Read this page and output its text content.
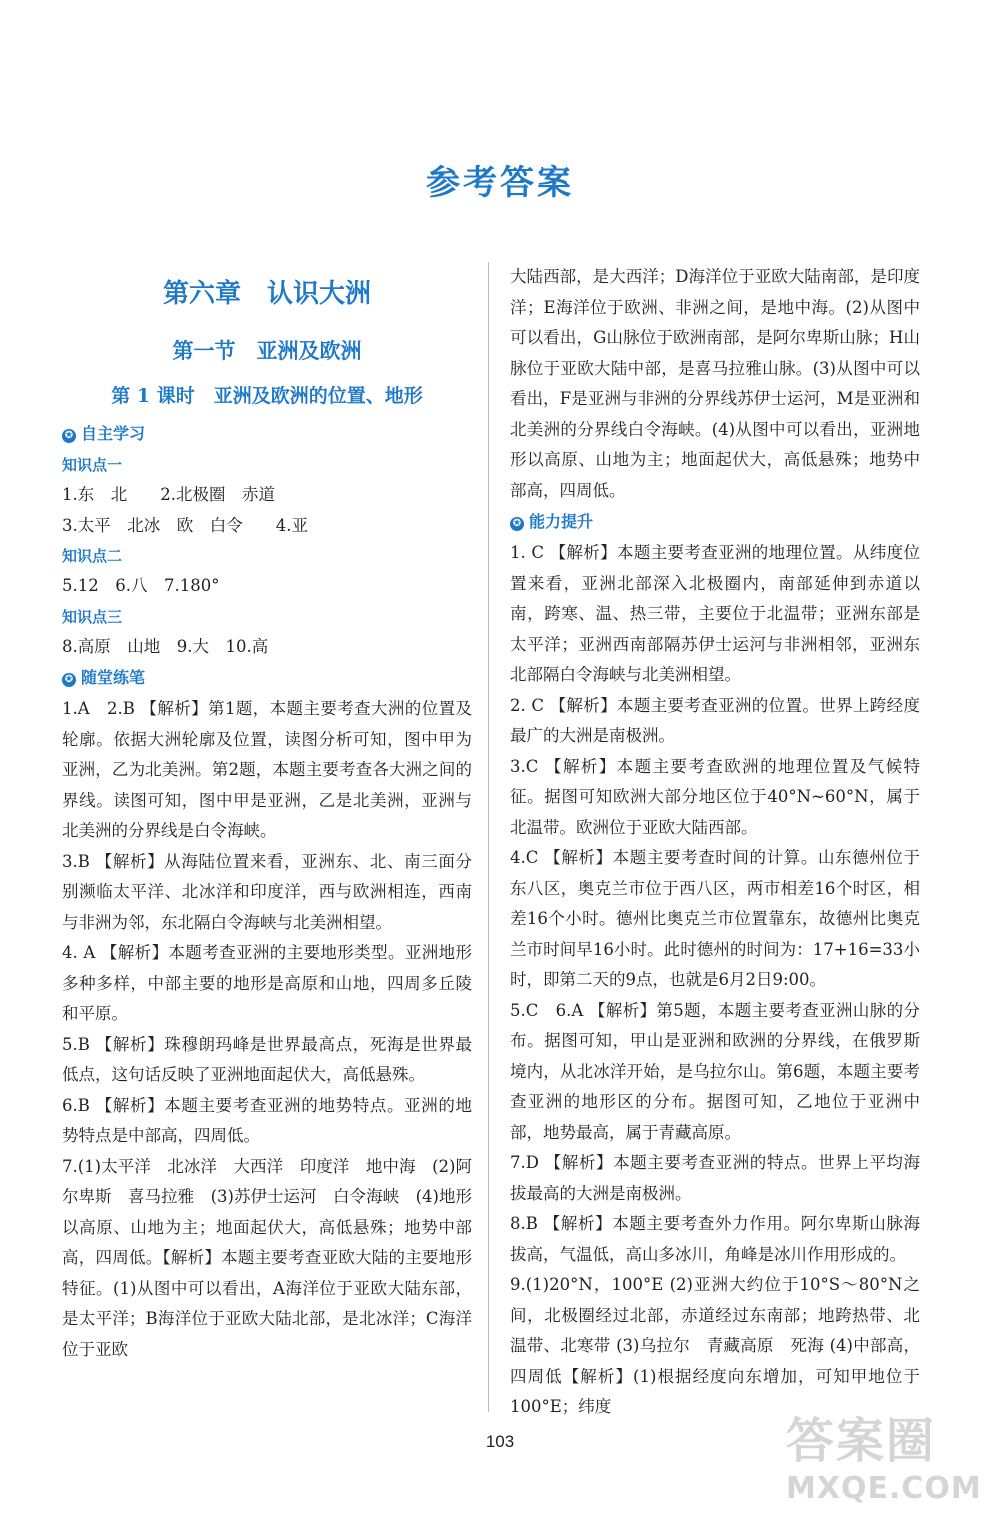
参考答案
第六章　认识大洲
第一节　亚洲及欧洲
第 1 课时　亚洲及欧洲的位置、地形
✪ 自主学习
知识点一

1.东　北　　2.北极圈　赤道

3.太平　北冰　欧　白令　　4.亚

知识点二

5.12　6.八　7.180°

知识点三

8.高原　山地　9.大　10.高

✪ 随堂练笔

1.A　2.B 【解析】第1题，本题主要考查大洲的位置及轮廓。依据大洲轮廓及位置，读图分析可知，图中甲为亚洲，乙为北美洲。第2题，本题主要考查各大洲之间的界线。读图可知，图中甲是亚洲，乙是北美洲，亚洲与北美洲的分界线是白令海峡。

3.B 【解析】从海陆位置来看，亚洲东、北、南三面分别濒临太平洋、北冰洋和印度洋，西与欧洲相连，西南与非洲为邻，东北隔白令海峡与北美洲相望。

4. A 【解析】本题考查亚洲的主要地形类型。亚洲地形多种多样，中部主要的地形是高原和山地，四周多丘陵和平原。

5.B 【解析】珠穆朗玛峰是世界最高点，死海是世界最低点，这句话反映了亚洲地面起伏大，高低悬殊。

6.B 【解析】本题主要考查亚洲的地势特点。亚洲的地势特点是中部高，四周低。

7.(1)太平洋　北冰洋　大西洋　印度洋　地中海　(2)阿尔卑斯　喜马拉雅　(3)苏伊士运河　白令海峡　(4)地形以高原、山地为主；地面起伏大，高低悬殊；地势中部高，四周低。【解析】本题主要考查亚欧大陆的主要地形特征。(1)从图中可以看出，A海洋位于亚欧大陆东部，是太平洋；B海洋位于亚欧大陆北部，是北冰洋；C海洋位于亚欧

大陆西部，是大西洋；D海洋位于亚欧大陆南部，是印度洋；E海洋位于欧洲、非洲之间，是地中海。(2)从图中可以看出，G山脉位于欧洲南部，是阿尔卑斯山脉；H山脉位于亚欧大陆中部，是喜马拉雅山脉。(3)从图中可以看出，F是亚洲与非洲的分界线苏伊士运河，M是亚洲和北美洲的分界线白令海峡。(4)从图中可以看出，亚洲地形以高原、山地为主；地面起伏大，高低悬殊；地势中部高，四周低。

✪ 能力提升

1. C 【解析】本题主要考查亚洲的地理位置。从纬度位置来看，亚洲北部深入北极圈内，南部延伸到赤道以南，跨寒、温、热三带，主要位于北温带；亚洲东部是太平洋；亚洲西南部隔苏伊士运河与非洲相邻，亚洲东北部隔白令海峡与北美洲相望。

2. C 【解析】本题主要考查亚洲的位置。世界上跨经度最广的大洲是南极洲。

3.C 【解析】本题主要考查欧洲的地理位置及气候特征。据图可知欧洲大部分地区位于40°N~60°N，属于北温带。欧洲位于亚欧大陆西部。

4.C 【解析】本题主要考查时间的计算。山东德州位于东八区，奥克兰市位于西八区，两市相差16个时区，相差16个小时。德州比奥克兰市位置靠东，故德州比奥克兰市时间早16小时。此时德州的时间为：17+16=33小时，即第二天的9点，也就是6月2日9:00。

5.C　6.A 【解析】第5题，本题主要考查亚洲山脉的分布。据图可知，甲山是亚洲和欧洲的分界线，在俄罗斯境内，从北冰洋开始，是乌拉尔山。第6题，本题主要考查亚洲的地形区的分布。据图可知，乙地位于亚洲中部，地势最高，属于青藏高原。

7.D 【解析】本题主要考查亚洲的特点。世界上平均海拔最高的大洲是南极洲。

8.B 【解析】本题主要考查外力作用。阿尔卑斯山脉海拔高，气温低，高山多冰川，角峰是冰川作用形成的。

9.(1)20°N，100°E (2)亚洲大约位于10°S～80°N之间，北极圈经过北部，赤道经过东南部；地跨热带、北温带、北寒带 (3)乌拉尔　青藏高原　死海 (4)中部高，四周低【解析】(1)根据经度向东增加，可知甲地位于100°E；纬度

103	答案圈
MXQE.COM
